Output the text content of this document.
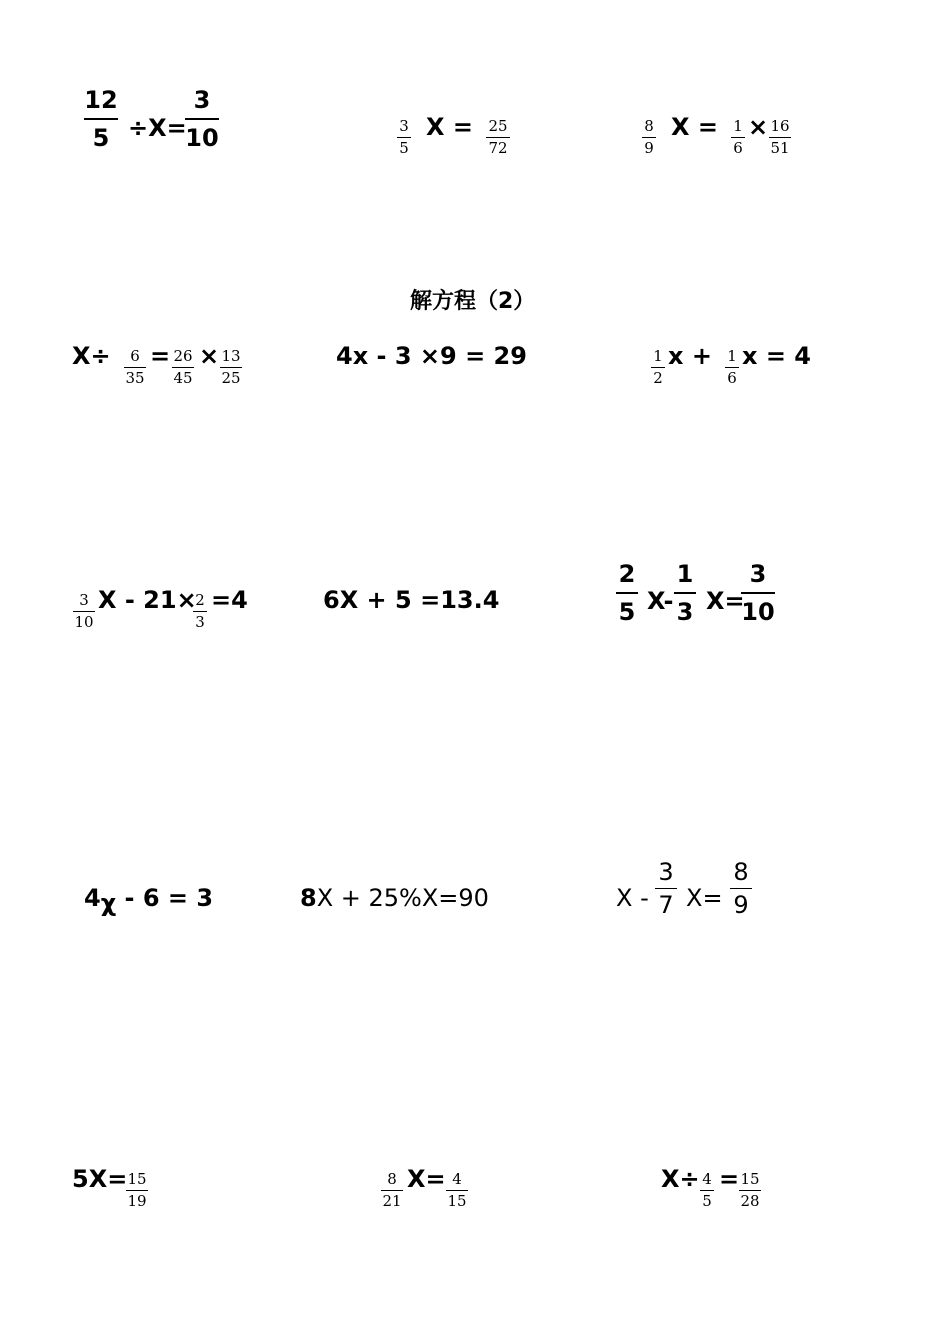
12
5 ÷X=
3
10	3
5
X = 25
72
8
9
X = 1
6
× 16
51
解方程（2）
X÷	6
35
= 26
45
× 13
25
4x - 3 ×9 = 29	1
2
x + 1
6
x = 4
3
10
X - 21×
2
3
=4	6X + 5 =13.4
2
5 X-
1
3 X=
3
10
4χ - 6 = 3	8X + 25%X=90	X -
3
7 X=
8
9
5X= 15
19
8
21
X= 4
15
X÷ 4
5
= 15
28
